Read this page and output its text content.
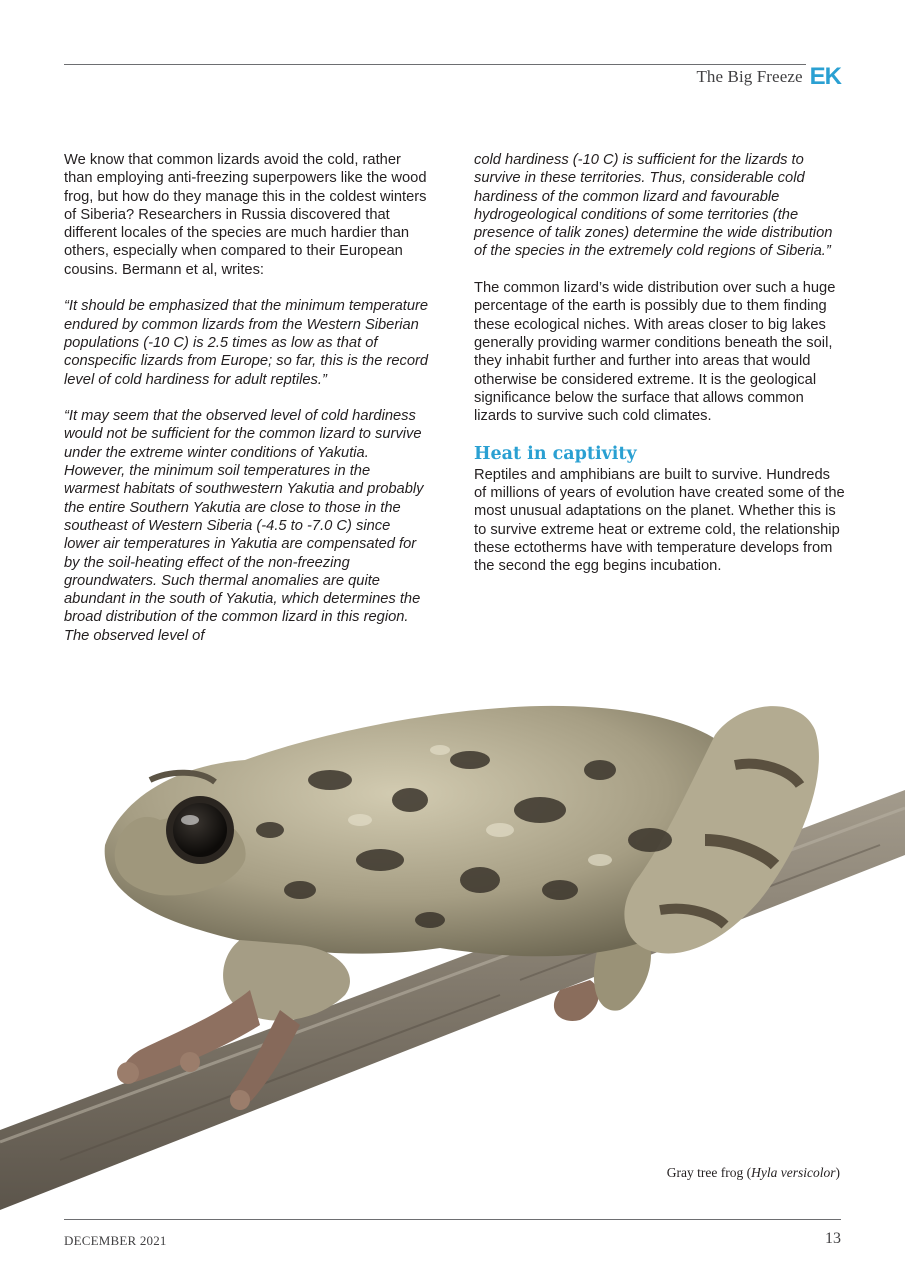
The Big Freeze EK

We know that common lizards avoid the cold, rather than employing anti-freezing superpowers like the wood frog, but how do they manage this in the coldest winters of Siberia? Researchers in Russia discovered that different locales of the species are much hardier than others, especially when compared to their European cousins. Bermann et al, writes:

“It should be emphasized that the minimum temperature endured by common lizards from the Western Siberian populations (-10 C) is 2.5 times as low as that of conspecific lizards from Europe; so far, this is the record level of cold hardiness for adult reptiles.”

“It may seem that the observed level of cold hardiness would not be sufficient for the common lizard to survive under the extreme winter conditions of Yakutia. However, the minimum soil temperatures in the warmest habitats of southwestern Yakutia and probably the entire Southern Yakutia are close to those in the southeast of Western Siberia (-4.5 to -7.0 C) since lower air temperatures in Yakutia are compensated for by the soil-heating effect of the non-freezing groundwaters. Such thermal anomalies are quite abundant in the south of Yakutia, which determines the broad distribution of the common lizard in this region. The observed level of

cold hardiness (-10 C) is sufficient for the lizards to survive in these territories. Thus, considerable cold hardiness of the common lizard and favourable hydrogeological conditions of some territories (the presence of talik zones) determine the wide distribution of the species in the extremely cold regions of Siberia.”

The common lizard’s wide distribution over such a huge percentage of the earth is possibly due to them finding these ecological niches. With areas closer to big lakes generally providing warmer conditions beneath the soil, they inhabit further and further into areas that would otherwise be considered extreme. It is the geological significance below the surface that allows common lizards to survive such cold climates.

Heat in captivity

Reptiles and amphibians are built to survive. Hundreds of millions of years of evolution have created some of the most unusual adaptations on the planet. Whether this is to survive extreme heat or extreme cold, the relationship these ectotherms have with temperature develops from the second the egg begins incubation.

Gray tree frog (Hyla versicolor)
DECEMBER 2021	13
